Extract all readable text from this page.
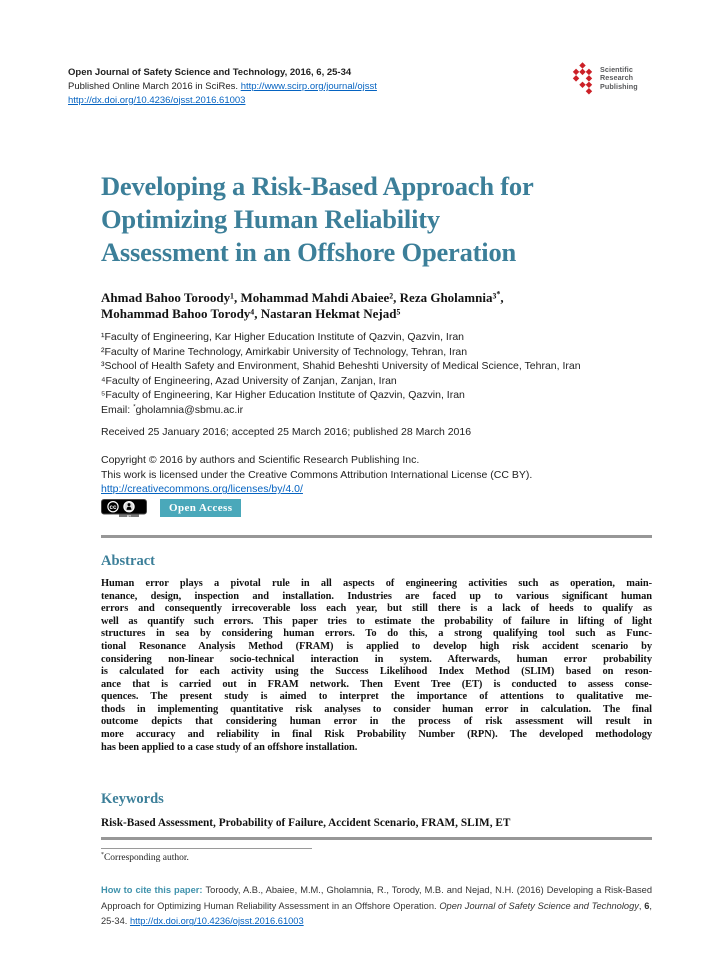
Open Journal of Safety Science and Technology, 2016, 6, 25-34
Published Online March 2016 in SciRes. http://www.scirp.org/journal/ojsst
http://dx.doi.org/10.4236/ojsst.2016.61003
Scientific
Research
Publishing
Developing a Risk-Based Approach for
Optimizing Human Reliability
Assessment in an Offshore Operation
Ahmad Bahoo Toroody¹, Mohammad Mahdi Abaiee², Reza Gholamnia³*,
Mohammad Bahoo Torody⁴, Nastaran Hekmat Nejad⁵
¹Faculty of Engineering, Kar Higher Education Institute of Qazvin, Qazvin, Iran
²Faculty of Marine Technology, Amirkabir University of Technology, Tehran, Iran
³School of Health Safety and Environment, Shahid Beheshti University of Medical Science, Tehran, Iran
⁴Faculty of Engineering, Azad University of Zanjan, Zanjan, Iran
⁵Faculty of Engineering, Kar Higher Education Institute of Qazvin, Qazvin, Iran
Email: *gholamnia@sbmu.ac.ir
Received 25 January 2016; accepted 25 March 2016; published 28 March 2016
Copyright © 2016 by authors and Scientific Research Publishing Inc.
This work is licensed under the Creative Commons Attribution International License (CC BY).
http://creativecommons.org/licenses/by/4.0/
cc
BY
Open Access
Abstract
Human error plays a pivotal rule in all aspects of engineering activities such as operation, main-
tenance, design, inspection and installation. Industries are faced up to various significant human
errors and consequently irrecoverable loss each year, but still there is a lack of heeds to qualify as
well as quantify such errors. This paper tries to estimate the probability of failure in lifting of light
structures in sea by considering human errors. To do this, a strong qualifying tool such as Func-
tional Resonance Analysis Method (FRAM) is applied to develop high risk accident scenario by
considering non-linear socio-technical interaction in system. Afterwards, human error probability
is calculated for each activity using the Success Likelihood Index Method (SLIM) based on reson-
ance that is carried out in FRAM network. Then Event Tree (ET) is conducted to assess conse-
quences. The present study is aimed to interpret the importance of attentions to qualitative me-
thods in implementing quantitative risk analyses to consider human error in calculation. The final
outcome depicts that considering human error in the process of risk assessment will result in
more accuracy and reliability in final Risk Probability Number (RPN). The developed methodology
has been applied to a case study of an offshore installation.
Keywords
Risk-Based Assessment, Probability of Failure, Accident Scenario, FRAM, SLIM, ET
*Corresponding author.

How to cite this paper: Toroody, A.B., Abaiee, M.M., Gholamnia, R., Torody, M.B. and Nejad, N.H. (2016) Developing a Risk-Based Approach for Optimizing Human Reliability Assessment in an Offshore Operation. Open Journal of Safety Science and Technology, 6, 25-34. http://dx.doi.org/10.4236/ojsst.2016.61003
